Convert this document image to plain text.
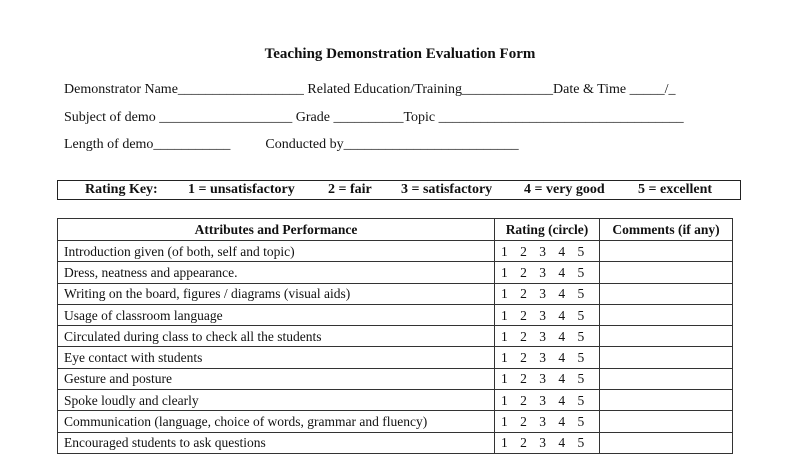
Teaching Demonstration Evaluation Form
Demonstrator Name__________________ Related Education/Training_____________Date & Time _____/_
Subject of demo ___________________ Grade __________Topic ___________________________________
Length of demo___________          Conducted by_________________________
Rating Key: 1 = unsatisfactory 2 = fair 3 = satisfactory 4 = very good 5 = excellent
Attributes and Performance	Rating (circle)	Comments (if any)
Introduction given (of both, self and topic)	1 2 3 4 5	
Dress, neatness and appearance.	1 2 3 4 5	
Writing on the board, figures / diagrams (visual aids)	1 2 3 4 5	
Usage of classroom language	1 2 3 4 5	
Circulated during class to check all the students	1 2 3 4 5	
Eye contact with students	1 2 3 4 5	
Gesture and posture	1 2 3 4 5	
Spoke loudly and clearly	1 2 3 4 5	
Communication (language, choice of words, grammar and fluency)	1 2 3 4 5	
Encouraged students to ask questions	1 2 3 4 5	
